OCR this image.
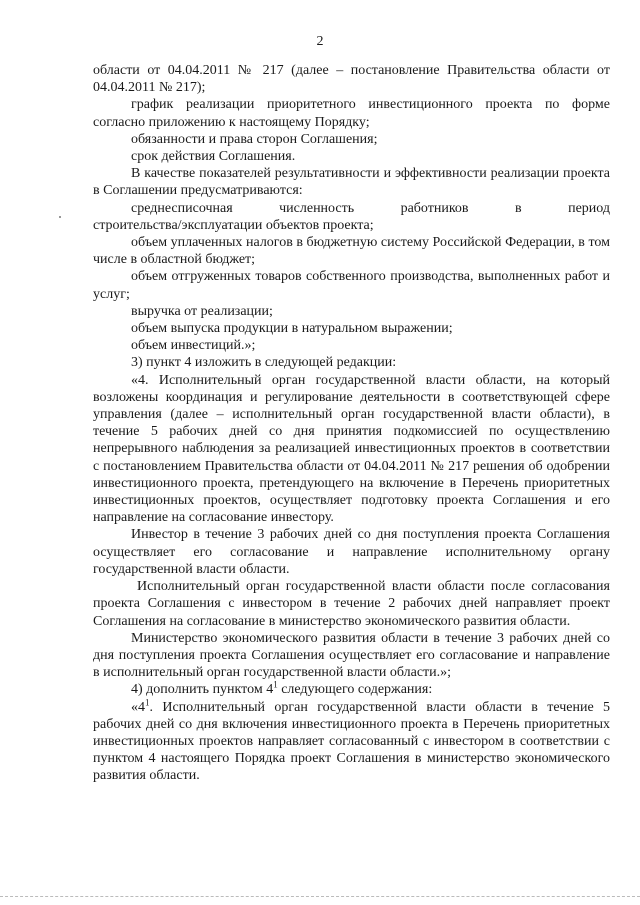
2

области от 04.04.2011 № 217 (далее – постановление Правительства области от 04.04.2011 № 217);

график реализации приоритетного инвестиционного проекта по форме согласно приложению к настоящему Порядку;

обязанности и права сторон Соглашения;

срок действия Соглашения.

В качестве показателей результативности и эффективности реализации проекта в Соглашении предусматриваются:

среднесписочная численность работников в период

строительства/эксплуатации объектов проекта;

объем уплаченных налогов в бюджетную систему Российской Федерации, в том числе в областной бюджет;

объем отгруженных товаров собственного производства, выполненных работ и услуг;

выручка от реализации;

объем выпуска продукции в натуральном выражении;

объем инвестиций.»;

3) пункт 4 изложить в следующей редакции:

«4. Исполнительный орган государственной власти области, на который возложены координация и регулирование деятельности в соответствующей сфере управления (далее – исполнительный орган государственной власти области), в течение 5 рабочих дней со дня принятия подкомиссией по осуществлению непрерывного наблюдения за реализацией инвестиционных проектов в соответствии с постановлением Правительства области от 04.04.2011 № 217 решения об одобрении инвестиционного проекта, претендующего на включение в Перечень приоритетных инвестиционных проектов, осуществляет подготовку проекта Соглашения и его направление на согласование инвестору.

Инвестор в течение 3 рабочих дней со дня поступления проекта Соглашения осуществляет его согласование и направление исполнительному органу государственной власти области.

Исполнительный орган государственной власти области после согласования проекта Соглашения с инвестором в течение 2 рабочих дней направляет проект Соглашения на согласование в министерство экономического развития области.

Министерство экономического развития области в течение 3 рабочих дней со дня поступления проекта Соглашения осуществляет его согласование и направление в исполнительный орган государственной власти области.»;

4) дополнить пунктом $4^1$ следующего содержания:

«$4^1$. Исполнительный орган государственной власти области в течение 5 рабочих дней со дня включения инвестиционного проекта в Перечень приоритетных инвестиционных проектов направляет согласованный с инвестором в соответствии с пунктом 4 настоящего Порядка проект Соглашения в министерство экономического развития области.
